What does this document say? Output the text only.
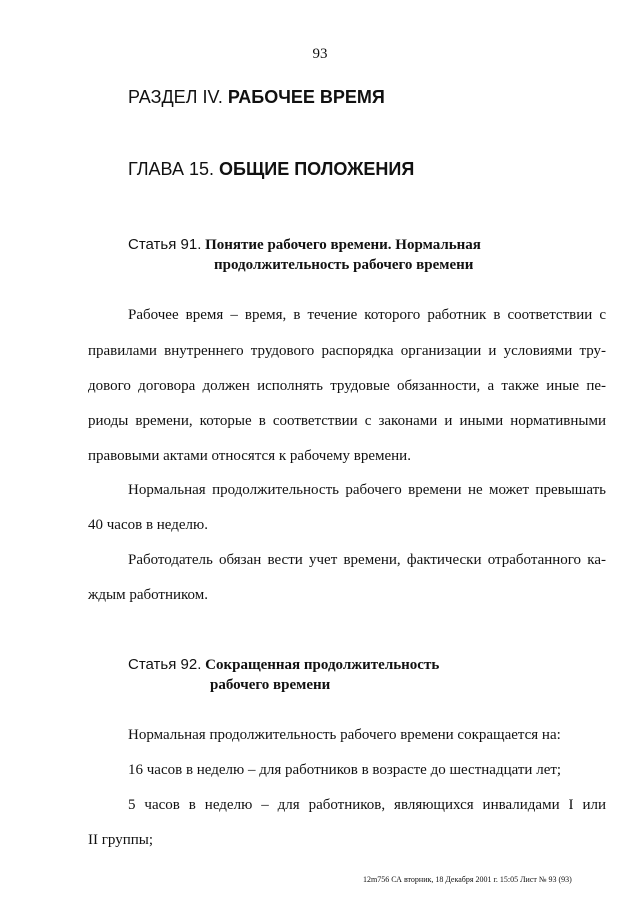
93
РАЗДЕЛ IV. РАБОЧЕЕ ВРЕМЯ
ГЛАВА 15. ОБЩИЕ ПОЛОЖЕНИЯ
Статья 91. Понятие рабочего времени. Нормальная
продолжительность рабочего времени
Рабочее время – время, в течение которого работник в соответствии с
правилами внутреннего трудового распорядка организации и условиями тру-
дового договора должен исполнять трудовые обязанности, а также иные пе-
риоды времени, которые в соответствии с законами и иными нормативными
правовыми актами относятся к рабочему времени.
Нормальная продолжительность рабочего времени не может превышать
40 часов в неделю.
Работодатель обязан вести учет времени, фактически отработанного ка-
ждым работником.
Статья 92. Сокращенная продолжительность
рабочего времени
Нормальная продолжительность рабочего времени сокращается на:
16 часов в неделю – для работников в возрасте до шестнадцати лет;
5 часов в неделю – для работников, являющихся инвалидами I или
II группы;
12m756 СА вторник, 18 Декабря 2001 г. 15:05 Лист № 93 (93)
